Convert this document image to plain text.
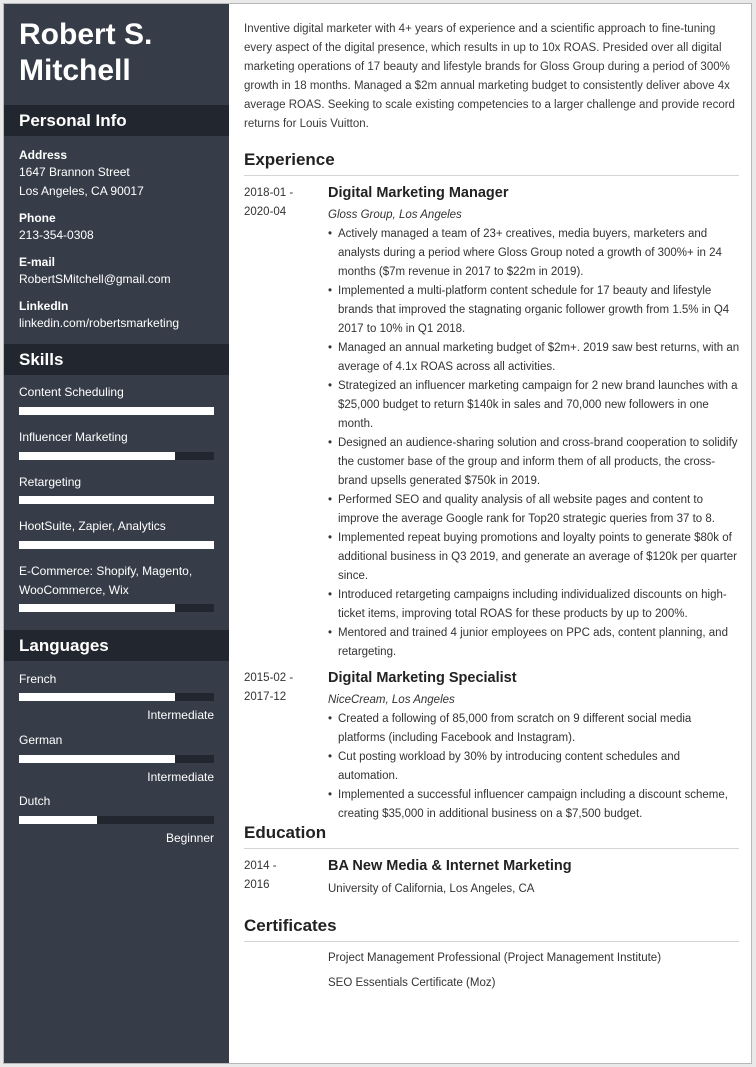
Robert S. Mitchell
Personal Info
Address
1647 Brannon Street
Los Angeles, CA 90017
Phone
213-354-0308
E-mail
RobertSMitchell@gmail.com
LinkedIn
linkedin.com/robertsmarketing
Skills
Content Scheduling
Influencer Marketing
Retargeting
HootSuite, Zapier, Analytics
E-Commerce: Shopify, Magento, WooCommerce, Wix
Languages
French
Intermediate
German
Intermediate
Dutch
Beginner

Inventive digital marketer with 4+ years of experience and a scientific approach to fine-tuning every aspect of the digital presence, which results in up to 10x ROAS. Presided over all digital marketing operations of 17 beauty and lifestyle brands for Gloss Group during a period of 300% growth in 18 months. Managed a $2m annual marketing budget to consistently deliver above 4x average ROAS. Seeking to scale existing competencies to a larger challenge and provide record returns for Louis Vuitton.

Experience
2018-01 -
2020-04
Digital Marketing Manager
Gloss Group, Los Angeles
• Actively managed a team of 23+ creatives, media buyers, marketers and analysts during a period where Gloss Group noted a growth of 300%+ in 24 months ($7m revenue in 2017 to $22m in 2019).
• Implemented a multi-platform content schedule for 17 beauty and lifestyle brands that improved the stagnating organic follower growth from 1.5% in Q4 2017 to 10% in Q1 2018.
• Managed an annual marketing budget of $2m+. 2019 saw best returns, with an average of 4.1x ROAS across all activities.
• Strategized an influencer marketing campaign for 2 new brand launches with a $25,000 budget to return $140k in sales and 70,000 new followers in one month.
• Designed an audience-sharing solution and cross-brand cooperation to solidify the customer base of the group and inform them of all products, the cross-brand upsells generated $750k in 2019.
• Performed SEO and quality analysis of all website pages and content to improve the average Google rank for Top20 strategic queries from 37 to 8.
• Implemented repeat buying promotions and loyalty points to generate $80k of additional business in Q3 2019, and generate an average of $120k per quarter since.
• Introduced retargeting campaigns including individualized discounts on high-ticket items, improving total ROAS for these products by up to 200%.
• Mentored and trained 4 junior employees on PPC ads, content planning, and retargeting.
2015-02 -
2017-12
Digital Marketing Specialist
NiceCream, Los Angeles
• Created a following of 85,000 from scratch on 9 different social media platforms (including Facebook and Instagram).
• Cut posting workload by 30% by introducing content schedules and automation.
• Implemented a successful influencer campaign including a discount scheme, creating $35,000 in additional business on a $7,500 budget.
Education
2014 -
2016
BA New Media & Internet Marketing
University of California, Los Angeles, CA
Certificates
Project Management Professional (Project Management Institute)
SEO Essentials Certificate (Moz)
